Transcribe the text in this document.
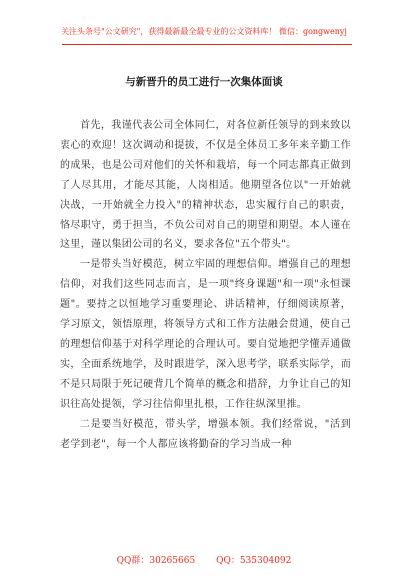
关注头条号"公文研究"，获得最新最全最专业的公文资料库！ 微信：gongwenyj
与新晋升的员工进行一次集体面谈

首先，我谨代表公司全体同仁，对各位新任领导的到来致以衷心的欢迎！这次调动和提拔，不仅是全体员工多年来辛勤工作的成果，也是公司对他们的关怀和栽培，每一个同志都真正做到了人尽其用，才能尽其能，人岗相适。他期望各位以"一开始就决战，一开始就全力投入"的精神状态，忠实履行自己的职责，恪尽职守，勇于担当，不负公司对自己的期望和期望。本人谨在这里，谨以集团公司的名义，要求各位"五个带头"。

一是带头当好模范，树立牢固的理想信仰。增强自己的理想信仰，对我们这些同志而言，是一项"终身课题"和一项"永恒课题"。要持之以恒地学习重要理论、讲话精神，仔细阅读原著，学习原文，领悟原理，将领导方式和工作方法融会贯通，使自己的理想信仰基于对科学理论的合理认可。要自觉地把学懂弄通做实，全面系统地学，及时跟进学，深入思考学，联系实际学，而不是只局限于死记硬背几个简单的概念和措辞，力争让自己的知识往高处提领，学习往信仰里扎根，工作往纵深里推。

二是要当好模范，带头学，增强本领。我们经常说，"活到老学到老"，每一个人都应该将勤奋的学习当成一种

QQ群：30265665 QQ：535304092
